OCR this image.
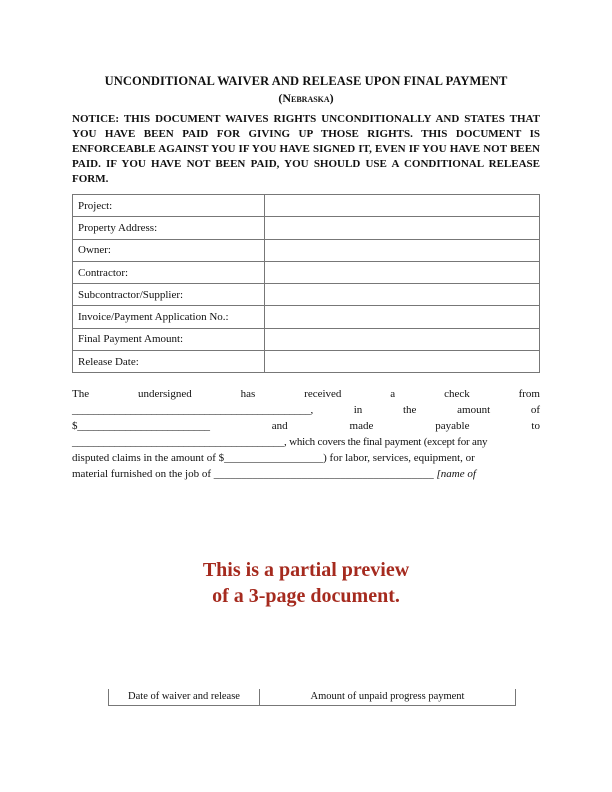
UNCONDITIONAL WAIVER AND RELEASE UPON FINAL PAYMENT
(Nebraska)
NOTICE: THIS DOCUMENT WAIVES RIGHTS UNCONDITIONALLY AND STATES THAT YOU HAVE BEEN PAID FOR GIVING UP THOSE RIGHTS. THIS DOCUMENT IS ENFORCEABLE AGAINST YOU IF YOU HAVE SIGNED IT, EVEN IF YOU HAVE NOT BEEN PAID. IF YOU HAVE NOT BEEN PAID, YOU SHOULD USE A CONDITIONAL RELEASE FORM.
Project:	
Property Address:	
Owner:	
Contractor:	
Subcontractor/Supplier:	
Invoice/Payment Application No.:	
Final Payment Amount:	
Release Date:	
The	undersigned	has	received	a	check	from
_____________________________________________,	in	the	amount	of
$_________________________	and	made	payable	to
________________________________________, which covers the final payment (except for any
disputed claims in the amount of $__________________) for labor, services, equipment, or
material furnished on the job of ________________________________________ [name of
This is a partial preview
of a 3-page document.
Date of waiver and release	Amount of unpaid progress payment
